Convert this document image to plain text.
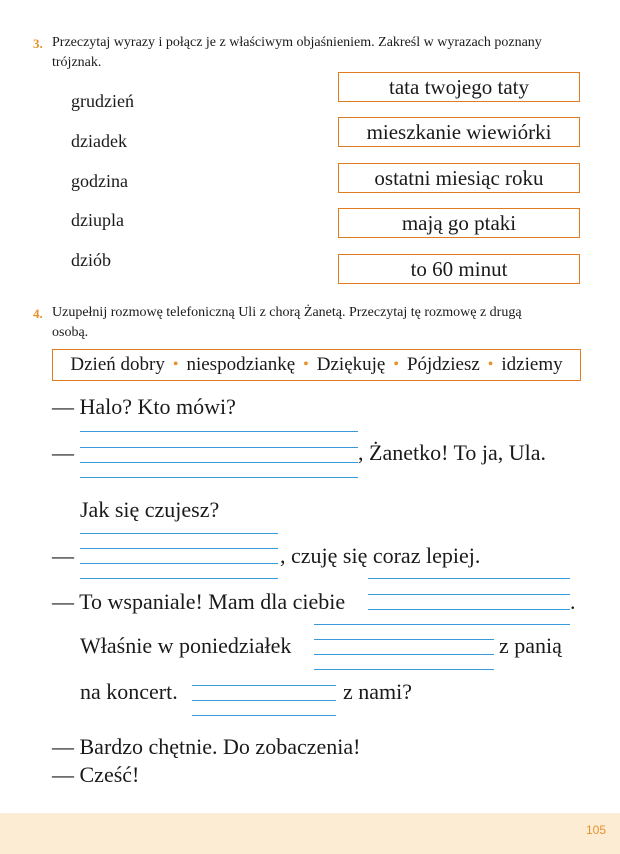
3. Przeczytaj wyrazy i połącz je z właściwym objaśnieniem. Zakreśl w wyrazach poznany
trójznak.
grudzień
dziadek
godzina
dziupla
dziób
tata twojego taty
mieszkanie wiewiórki
ostatni miesiąc roku
mają go ptaki
to 60 minut
4. Uzupełnij rozmowę telefoniczną Uli z chorą Żanetą. Przeczytaj tę rozmowę z drugą
osobą.
Dzień dobry • niespodziankę • Dziękuję • Pójdziesz • idziemy
— Halo? Kto mówi?
—	, Żanetko! To ja, Ula.
Jak się czujesz?
—	, czuję się coraz lepiej.
— To wspaniale! Mam dla ciebie	.
Właśnie w poniedziałek	z panią
na koncert.	z nami?
— Bardzo chętnie. Do zobaczenia!
— Cześć!
105
